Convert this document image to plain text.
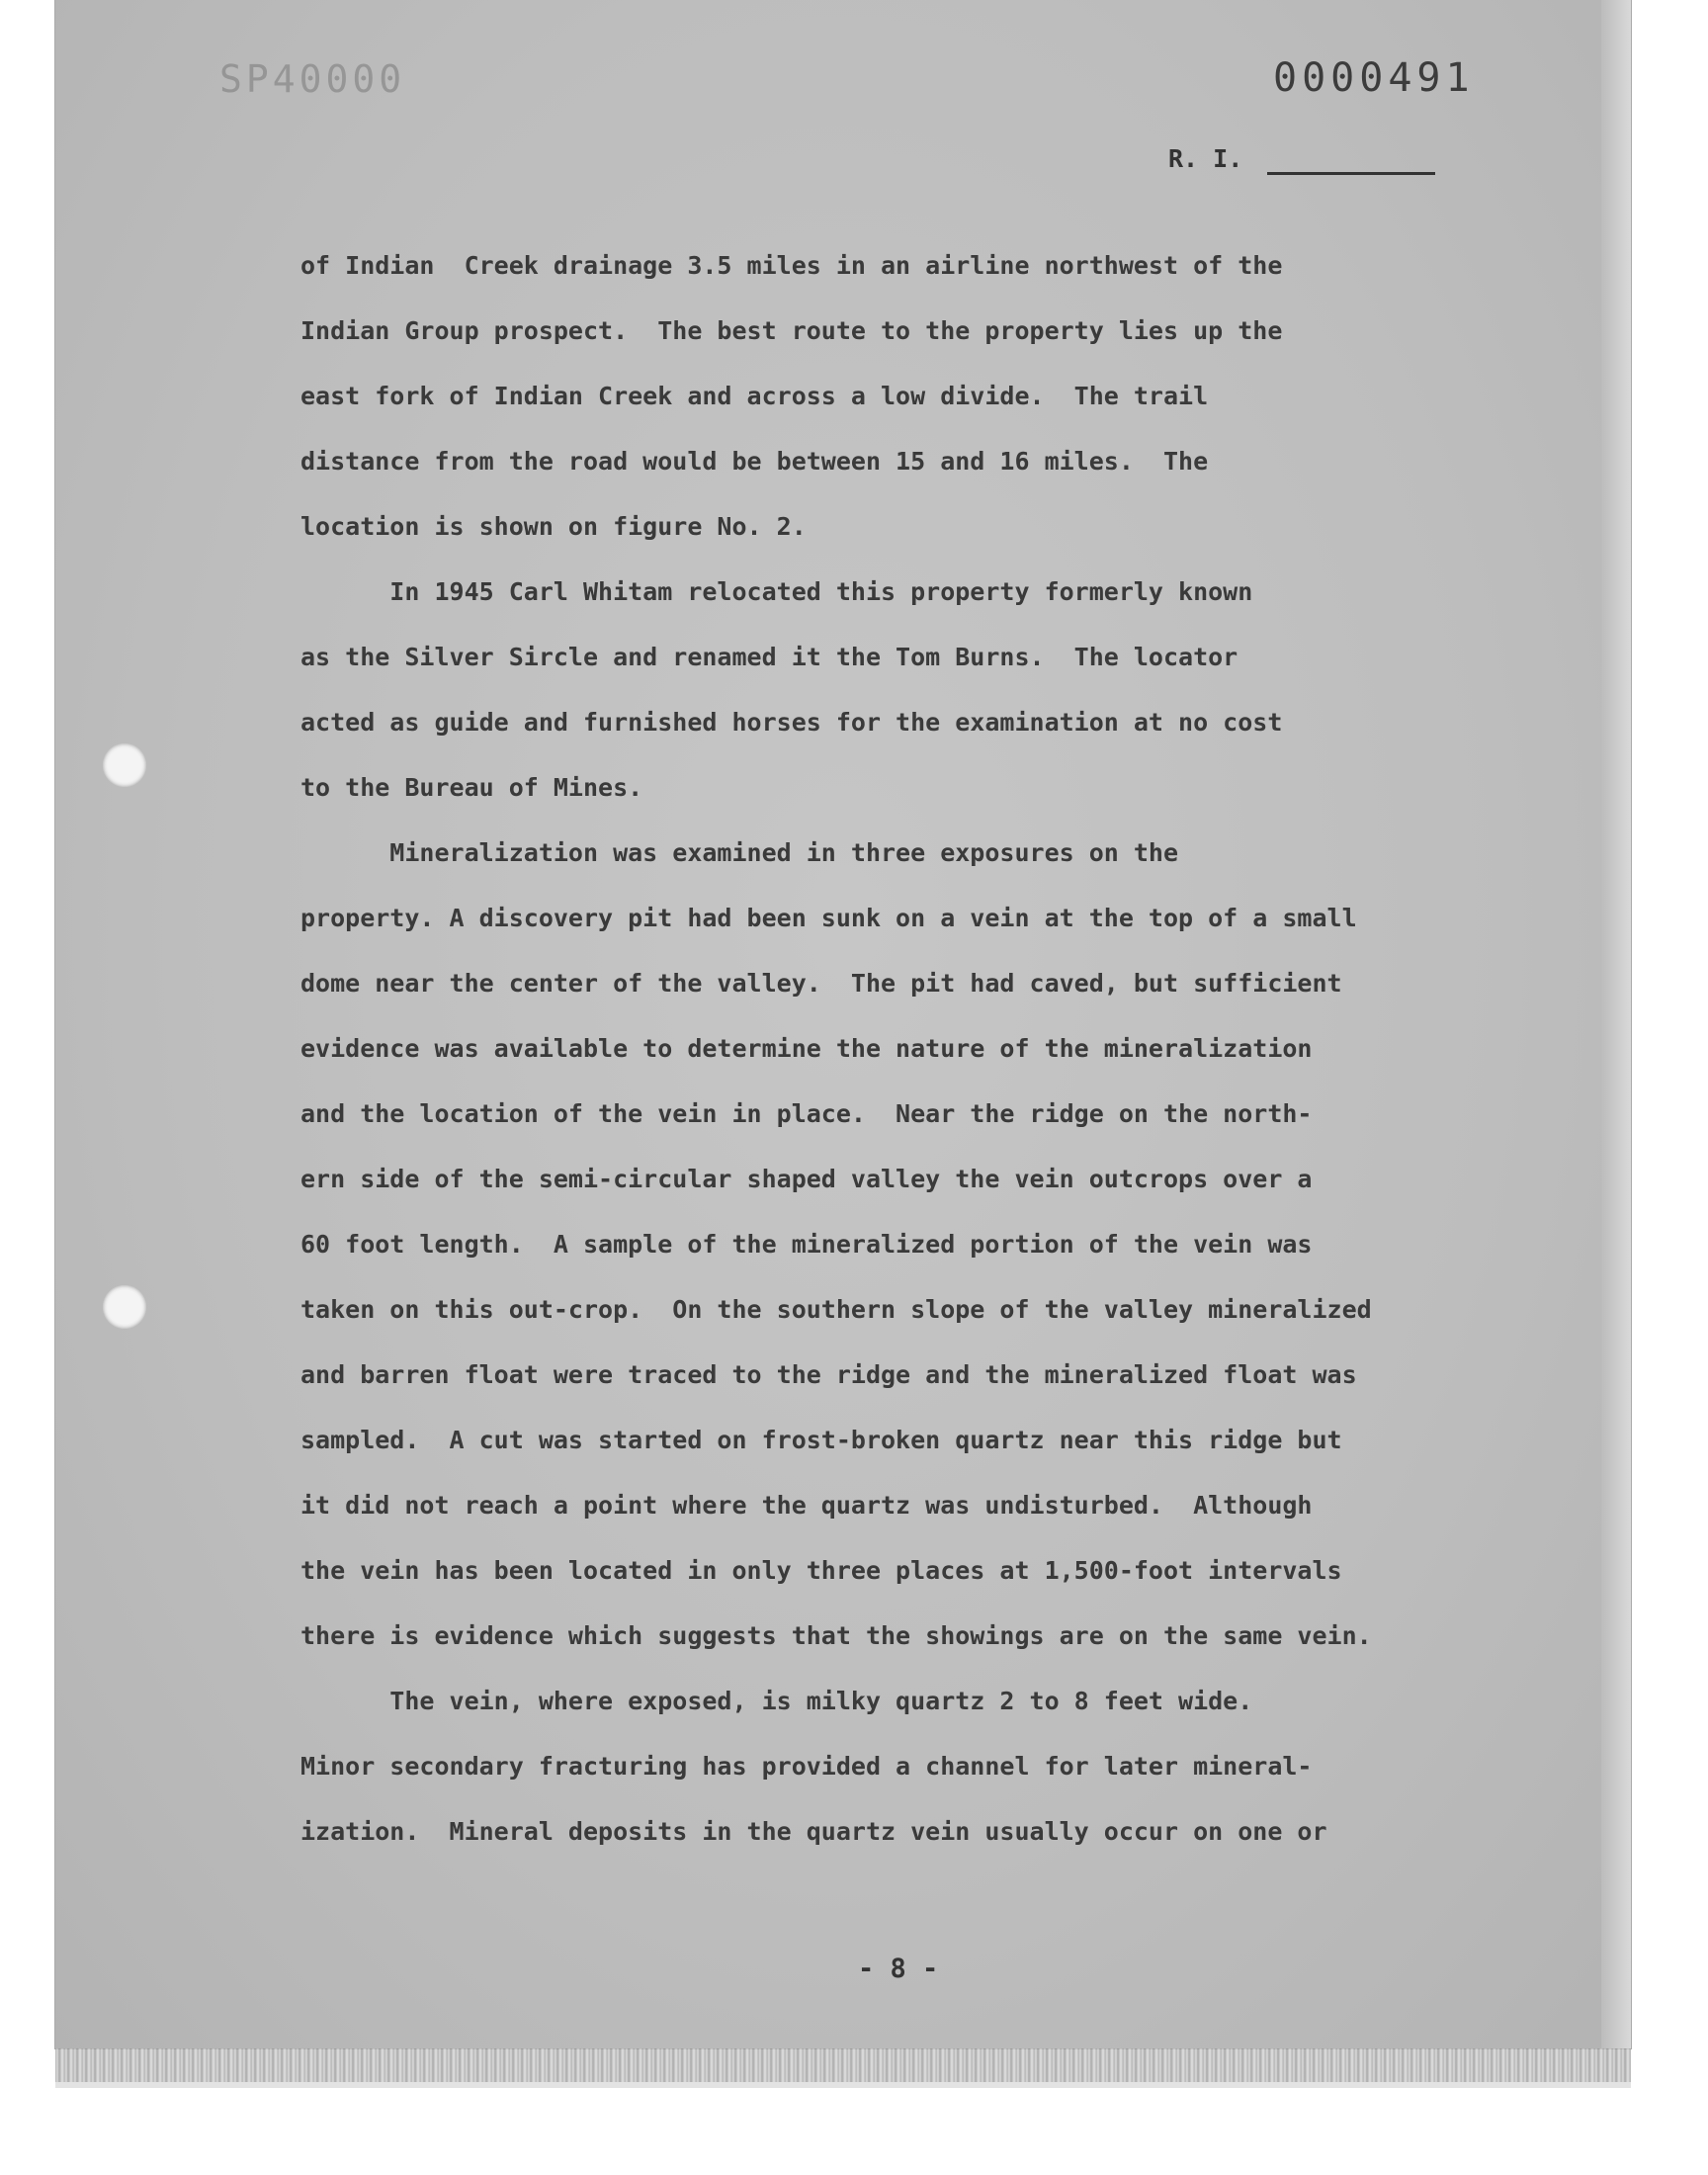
SP40000	0000491
R. I.
of Indian  Creek drainage 3.5 miles in an airline northwest of the
Indian Group prospect.  The best route to the property lies up the
east fork of Indian Creek and across a low divide.  The trail
distance from the road would be between 15 and 16 miles.  The
location is shown on figure No. 2.
In 1945 Carl Whitam relocated this property formerly known
as the Silver Sircle and renamed it the Tom Burns.  The locator
acted as guide and furnished horses for the examination at no cost
to the Bureau of Mines.
Mineralization was examined in three exposures on the
property. A discovery pit had been sunk on a vein at the top of a small
dome near the center of the valley.  The pit had caved, but sufficient
evidence was available to determine the nature of the mineralization
and the location of the vein in place.  Near the ridge on the north-
ern side of the semi-circular shaped valley the vein outcrops over a
60 foot length.  A sample of the mineralized portion of the vein was
taken on this out-crop.  On the southern slope of the valley mineralized
and barren float were traced to the ridge and the mineralized float was
sampled.  A cut was started on frost-broken quartz near this ridge but
it did not reach a point where the quartz was undisturbed.  Although
the vein has been located in only three places at 1,500-foot intervals
there is evidence which suggests that the showings are on the same vein.
The vein, where exposed, is milky quartz 2 to 8 feet wide.
Minor secondary fracturing has provided a channel for later mineral-
ization.  Mineral deposits in the quartz vein usually occur on one or
- 8 -
